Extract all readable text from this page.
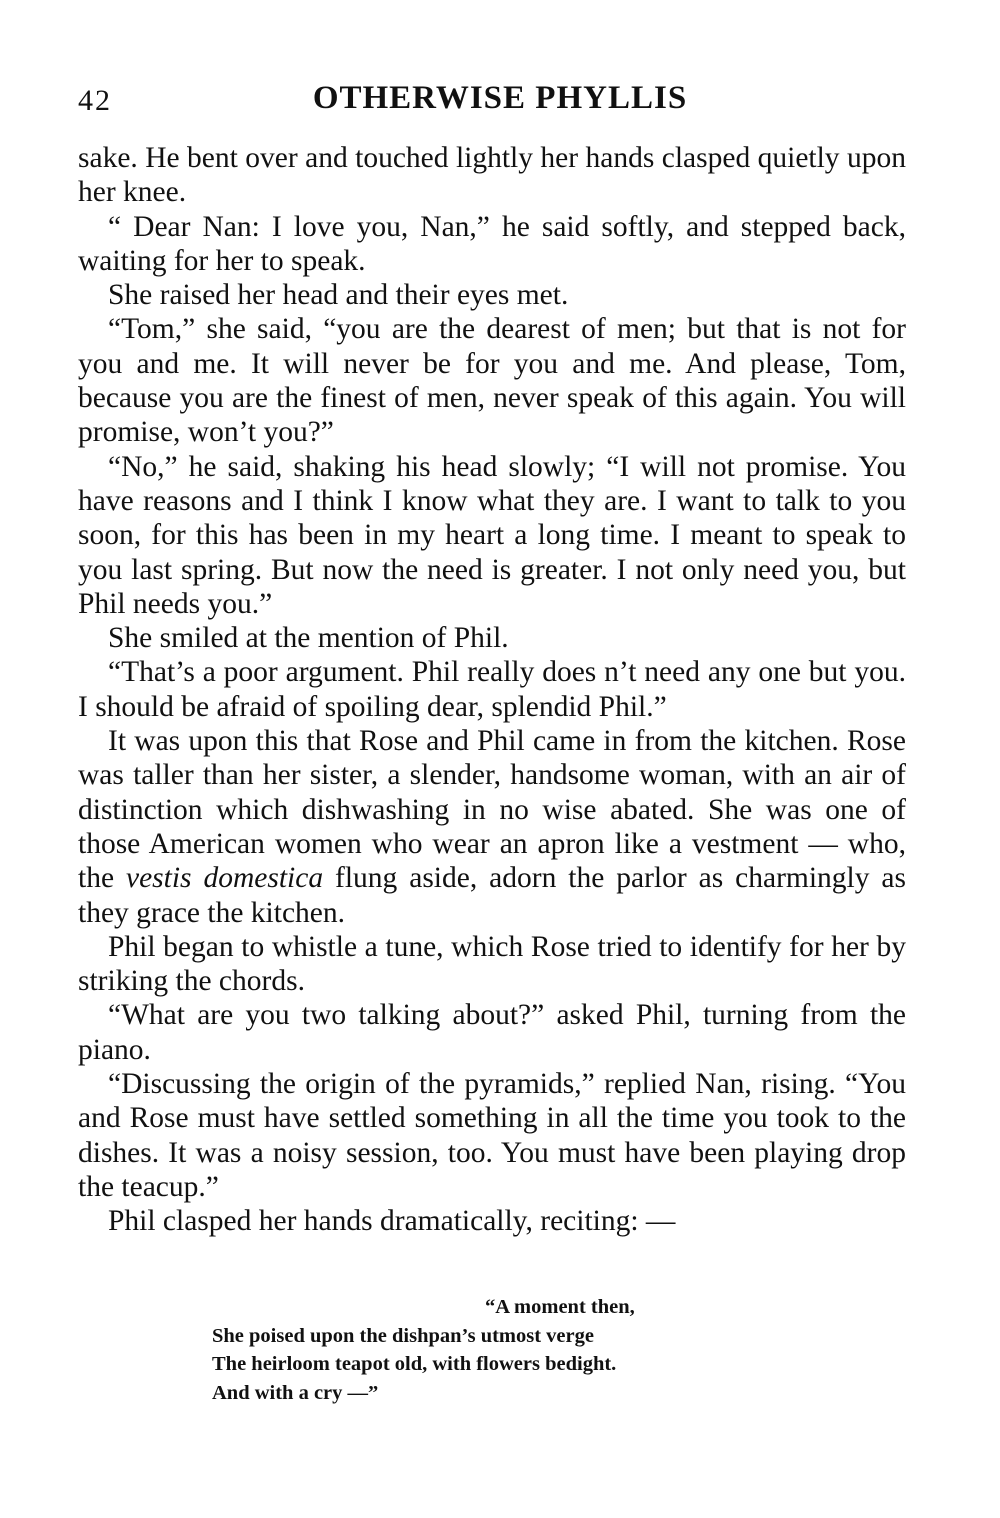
42	OTHERWISE PHYLLIS

sake. He bent over and touched lightly her hands clasped quietly upon her knee.

“ Dear Nan: I love you, Nan,” he said softly, and stepped back, waiting for her to speak.

She raised her head and their eyes met.

“Tom,” she said, “you are the dearest of men; but that is not for you and me. It will never be for you and me. And please, Tom, because you are the finest of men, never speak of this again. You will promise, won’t you?”

“No,” he said, shaking his head slowly; “I will not promise. You have reasons and I think I know what they are. I want to talk to you soon, for this has been in my heart a long time. I meant to speak to you last spring. But now the need is greater. I not only need you, but Phil needs you.”

She smiled at the mention of Phil.

“That’s a poor argument. Phil really does n’t need any one but you. I should be afraid of spoiling dear, splendid Phil.”

It was upon this that Rose and Phil came in from the kitchen. Rose was taller than her sister, a slender, handsome woman, with an air of distinction which dishwashing in no wise abated. She was one of those American women who wear an apron like a vestment — who, the vestis domestica flung aside, adorn the parlor as charmingly as they grace the kitchen.

Phil began to whistle a tune, which Rose tried to identify for her by striking the chords.

“What are you two talking about?” asked Phil, turning from the piano.

“Discussing the origin of the pyramids,” replied Nan, rising. “You and Rose must have settled something in all the time you took to the dishes. It was a noisy session, too. You must have been playing drop the teacup.”

Phil clasped her hands dramatically, reciting: —

“A moment then,
She poised upon the dishpan’s utmost verge
The heirloom teapot old, with flowers bedight.
And with a cry —”
